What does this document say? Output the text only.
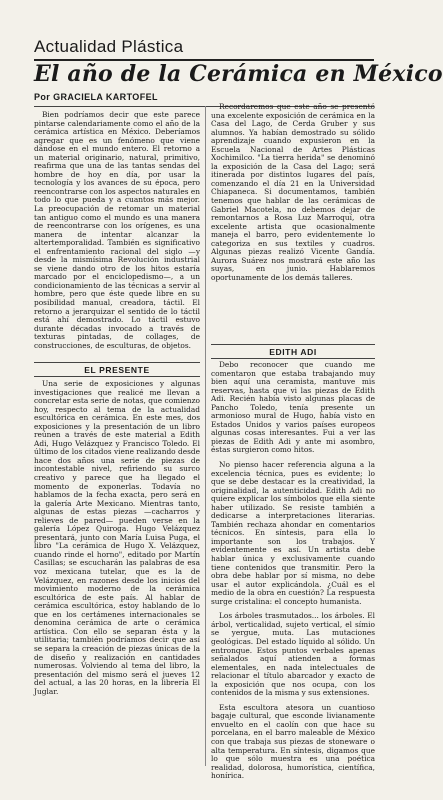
Actualidad Plástica
El año de la Cerámica en México
Por GRACIELA KARTOFEL

Bien podríamos decir que este parece pintarse calendariamente como el año de la cerámica artística en México. Deberíamos agregar que es un fenómeno que viene dándose en el mundo entero. El retorno a un material originario, natural, primitivo, reafirma que una de las tantas sendas del hombre de hoy en día, por usar la tecnología y los avances de su época, pero reencontrarse con los aspectos naturales en todo lo que pueda y a cuantos más mejor. La preocupación de retomar un material tan antiguo como el mundo es una manera de reencontrarse con los orígenes, es una manera de intentar alcanzar la altertemporalidad. También es significativo el enfrentamiento racional del siglo —y desde la mismísima Revolución industrial se viene dando otro de los hitos estaría marcado por el enciclopedismo—, a un condicionamiento de las técnicas a servir al hombre, pero que éste quede libre en su posibilidad manual, creadora, táctil. El retorno a jerarquizar el sentido de lo táctil está ahí demostrado. Lo táctil estuvo durante décadas invocado a través de texturas pintadas, de collages, de construcciones, de esculturas, de objetos.

EL PRESENTE

Una serie de exposiciones y algunas investigaciones que realicé me llevan a concretar esta serie de notas, que comienzo hoy, respecto al tema de la actualidad escultórica en cerámica. En este mes, dos exposiciones y la presentación de un libro reúnen a través de este material a Edith Adi, Hugo Velázquez y Francisco Toledo. El último de los citados viene realizando desde hace dos años una serie de piezas de incontestable nivel, refiriendo su surco creativo y parece que ha llegado el momento de exponerlas. Todavía no hablamos de la fecha exacta, pero será en la galería Arte Mexicano. Mientras tanto, algunas de estas piezas —cacharros y relieves de pared— pueden verse en la galería López Quiroga. Hugo Velázquez presentará, junto con María Luisa Puga, el libro "La cerámica de Hugo X. Velázquez, cuando rinde el horno", editado por Martín Casillas; se escucharán las palabras de esa voz mexicana tutelar, que es la de Velázquez, en razones desde los inicios del movimiento moderno de la cerámica escultórica de este país. Al hablar de cerámica escultórica, estoy hablando de lo que en los certámenes internacionales se denomina cerámica de arte o cerámica artística. Con ello se separan ésta y la utilitaria; también podríamos decir que así se separa la creación de piezas únicas de la de diseño y realización en cantidades numerosas. Volviendo al tema del libro, la presentación del mismo será el jueves 12 del actual, a las 20 horas, en la librería El Juglar.

Recordaremos que este año se presentó una excelente exposición de cerámica en la Casa del Lago, de Cerda Gruber y sus alumnos. Ya habían demostrado su sólido aprendizaje cuando expusieron en la Escuela Nacional de Artes Plásticas Xochimilco. "La tierra herida" se denominó la exposición de la Casa del Lago; será itinerada por distintos lugares del país, comenzando el día 21 en la Universidad Chiapaneca. Si documentamos, también tenemos que hablar de las cerámicas de Gabriel Macotela, no debemos dejar de remontarnos a Rosa Luz Marroquí, otra excelente artista que ocasionalmente maneja el barro, pero evidentemente lo categoriza en sus textiles y cuadros. Algunas piezas realizó Vicente Gandía. Aurora Suárez nos mostrará este año las suyas, en junio. Hablaremos oportunamente de los demás talleres.

EDITH ADI

Debo reconocer que cuando me comentaron que estaba trabajando muy bien aquí una ceramista, mantuve mis reservas, hasta que vi las piezas de Edith Adi. Recién había visto algunas placas de Pancho Toledo, tenía presente un armonioso mural de Hugo, había visto en Estados Unidos y varios países europeos algunas cosas interesantes. Fui a ver las piezas de Edith Adi y ante mi asombro, éstas surgieron como hitos.

No pienso hacer referencia alguna a la excelencia técnica, pues es evidente; lo que se debe destacar es la creatividad, la originalidad, la autenticidad. Edith Adi no quiere explicar los símbolos que ella siente haber utilizado. Se resiste también a dedicarse a interpretaciones literarias. También rechaza ahondar en comentarios técnicos. En síntesis, para ella lo importante son los trabajos. Y evidentemente es así. Un artista debe hablar única y exclusivamente cuando tiene contenidos que transmitir. Pero la obra debe hablar por sí misma, no debe usar el autor explicándola. ¿Cuál es el medio de la obra en cuestión? La respuesta surge cristalina: el concepto humanista.

Los árboles trasmutados... los árboles. El árbol, verticalidad, sujeto vertical, el símio se yergue, muta. Las mutaciones geológicas. Del estado líquido al sólido. Un entronque. Estos puntos verbales apenas señalados aquí atienden a formas elementales, en nada intelectuales de relacionar el título abarcador y exacto de la exposición que nos ocupa, con los contenidos de la misma y sus extensiones.

Esta escultora atesora un cuantioso bagaje cultural, que esconde livianamente envuelto en el caolín con que hace su porcelana, en el barro maleable de México con que trabaja sus piezas de stoneware o alta temperatura. En síntesis, digamos que lo que sólo muestra es una poética realidad, dolorosa, humorística, científica, honírica.
